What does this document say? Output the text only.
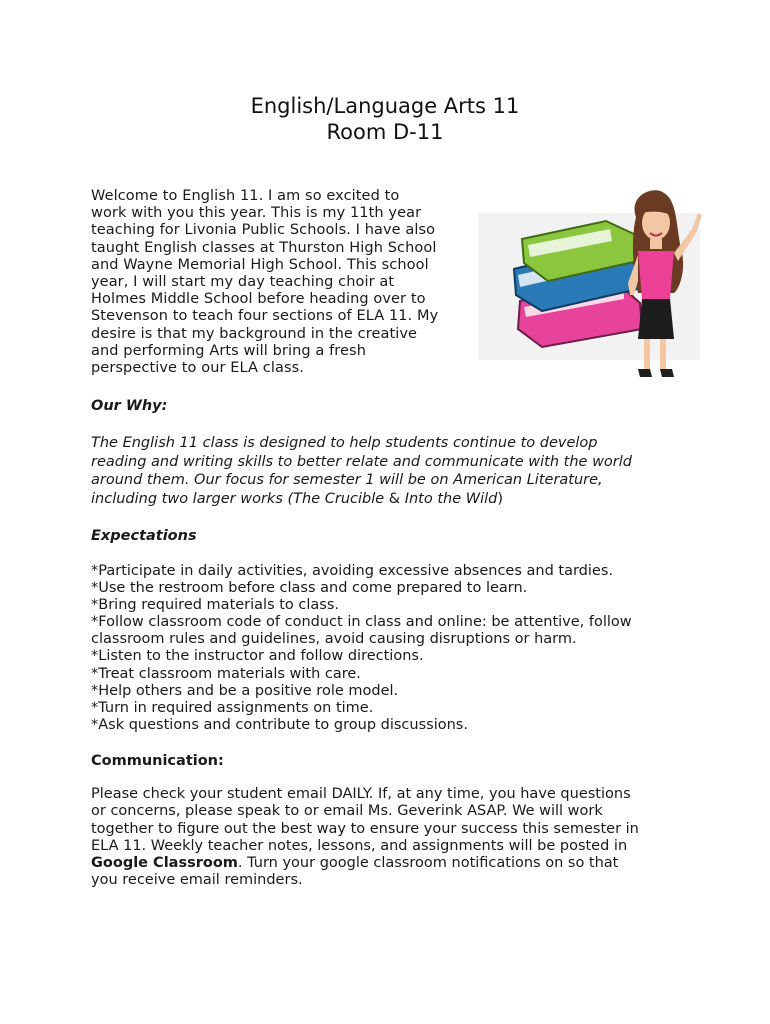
English/Language Arts 11
Room D-11
Welcome to English 11. I am so excited to
work with you this year. This is my 11th year
teaching for Livonia Public Schools. I have also
taught English classes at Thurston High School
and Wayne Memorial High School. This school
year, I will start my day teaching choir at
Holmes Middle School before heading over to
Stevenson to teach four sections of ELA 11. My
desire is that my background in the creative
and performing Arts will bring a fresh
perspective to our ELA class.
Our Why:
The English 11 class is designed to help students continue to develop
reading and writing skills to better relate and communicate with the world
around them. Our focus for semester 1 will be on American Literature,
including two larger works (The Crucible & Into the Wild)
Expectations
*Participate in daily activities, avoiding excessive absences and tardies.
*Use the restroom before class and come prepared to learn.
*Bring required materials to class.
*Follow classroom code of conduct in class and online: be attentive, follow
classroom rules and guidelines, avoid causing disruptions or harm.
*Listen to the instructor and follow directions.
*Treat classroom materials with care.
*Help others and be a positive role model.
*Turn in required assignments on time.
*Ask questions and contribute to group discussions.
Communication:
Please check your student email DAILY. If, at any time, you have questions
or concerns, please speak to or email Ms. Geverink ASAP. We will work
together to figure out the best way to ensure your success this semester in
ELA 11. Weekly teacher notes, lessons, and assignments will be posted in
Google Classroom. Turn your google classroom notifications on so that
you receive email reminders.
